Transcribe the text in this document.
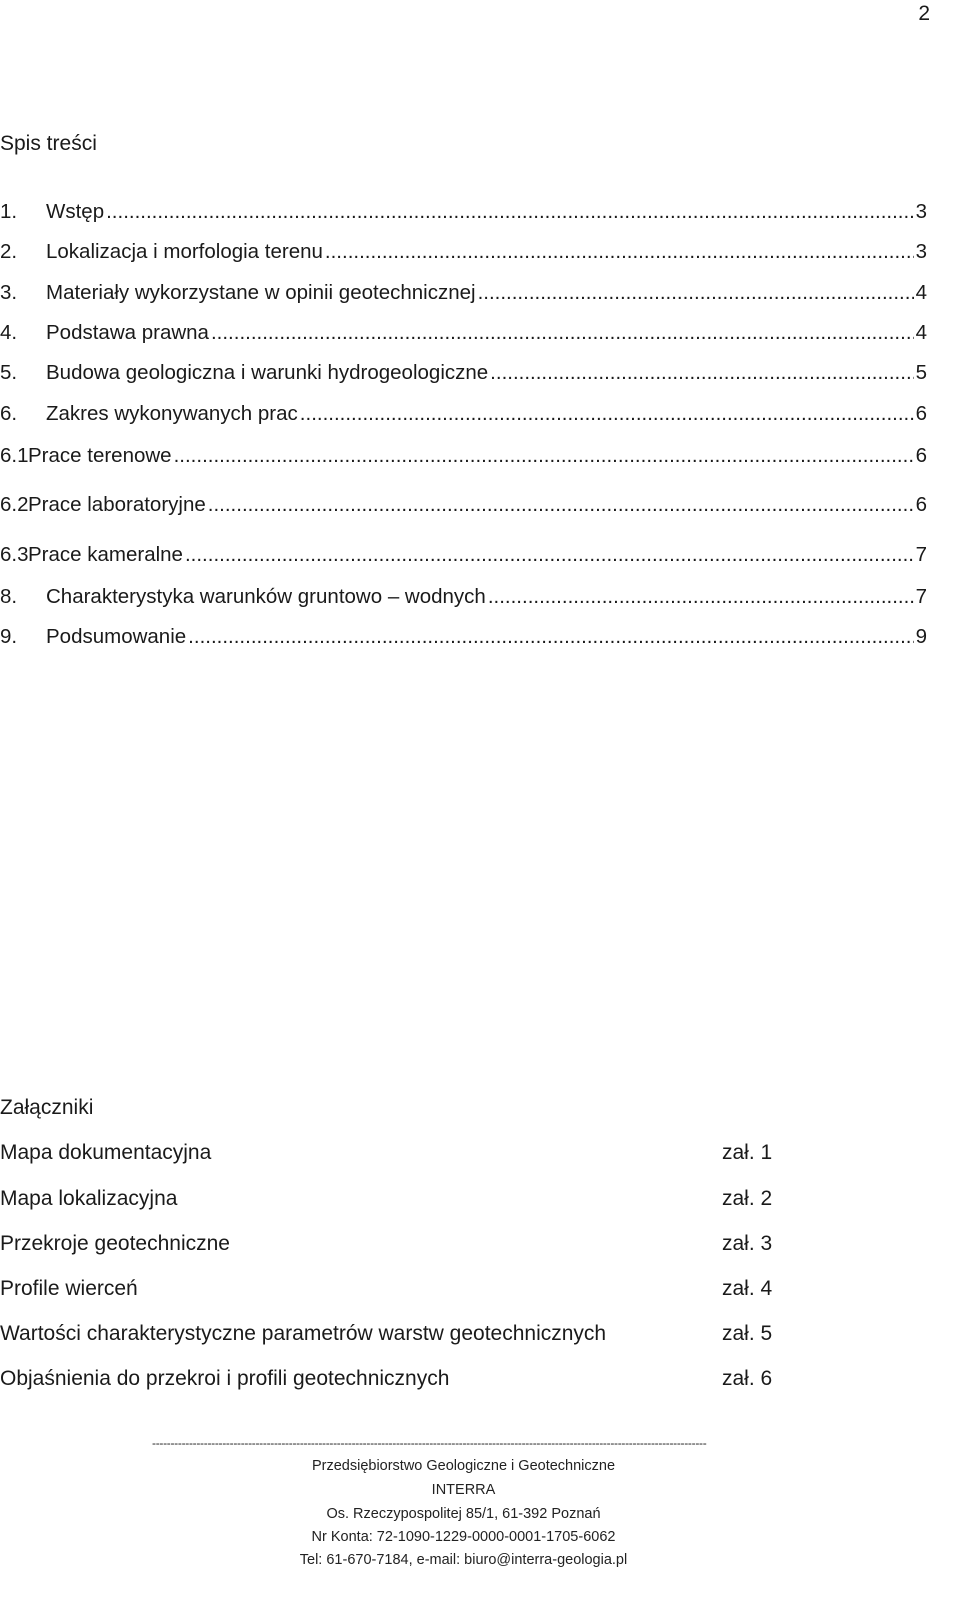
2
Spis treści
1.	Wstęp .....	3
2.	Lokalizacja i morfologia terenu .....	3
3.	Materiały wykorzystane w opinii geotechnicznej .....	4
4.	Podstawa prawna .....	4
5.	Budowa geologiczna i warunki hydrogeologiczne .....	5
6.	Zakres wykonywanych prac .....	6
6.1 Prace terenowe .....	6
6.2 Prace laboratoryjne .....	6
6.3 Prace kameralne .....	7
8.	Charakterystyka warunków gruntowo – wodnych .....	7
9.	Podsumowanie .....	9
Załączniki
Mapa dokumentacyjna	zał. 1
Mapa lokalizacyjna	zał. 2
Przekroje geotechniczne	zał. 3
Profile wierceń	zał. 4
Wartości charakterystyczne parametrów warstw geotechnicznych	zał. 5
Objaśnienia do przekroi i profili geotechnicznych	zał. 6
------------------------------------------------------------------------------------------------------------------------------------------------------
Przedsiębiorstwo Geologiczne i Geotechniczne
INTERRA
Os. Rzeczypospolitej 85/1, 61-392 Poznań
Nr Konta: 72-1090-1229-0000-0001-1705-6062
Tel: 61-670-7184, e-mail: biuro@interra-geologia.pl
